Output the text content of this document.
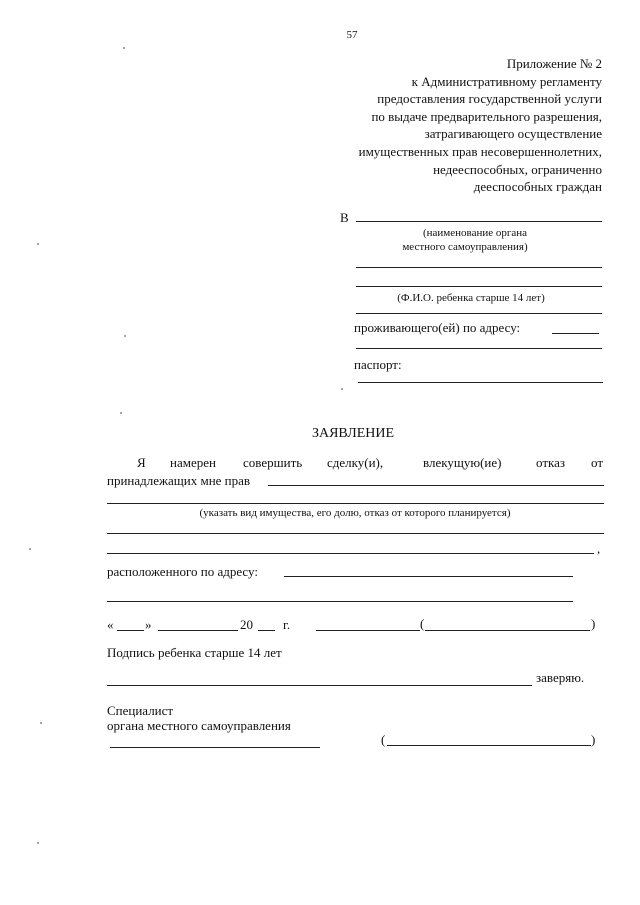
57
Приложение № 2
к Административному регламенту
предоставления государственной услуги
по выдаче предварительного разрешения,
затрагивающего осуществление
имущественных прав несовершеннолетних,
недееспособных, ограниченно
дееспособных граждан
В
(наименование органа
местного самоуправления)
(Ф.И.О. ребенка старше 14 лет)
проживающего(ей) по адресу:
паспорт:
ЗАЯВЛЕНИЕ
Я намерен совершить сделку(и),	влекущую(ие)	отказ от
принадлежащих мне прав
(указать вид имущества, его долю, отказ от которого планируется)
,
расположенного по адресу:
« »	20 г.	(	)
Подпись ребенка старше 14 лет
заверяю.
Специалист
органа местного самоуправления
(	)
